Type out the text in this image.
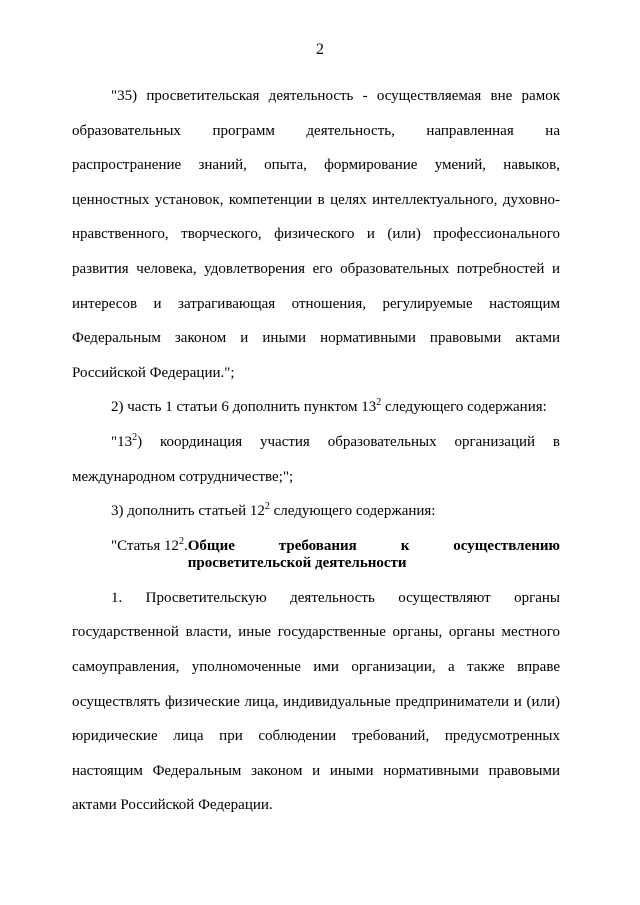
2

"35) просветительская деятельность - осуществляемая вне рамок образовательных программ деятельность, направленная на распространение знаний, опыта, формирование умений, навыков, ценностных установок, компетенции в целях интеллектуального, духовно-нравственного, творческого, физического и (или) профессионального развития человека, удовлетворения его образовательных потребностей и интересов и затрагивающая отношения, регулируемые настоящим Федеральным законом и иными нормативными правовыми актами Российской Федерации.";

2) часть 1 статьи 6 дополнить пунктом $13^2$ следующего содержания:

"$13^2$) координация участия образовательных организаций в международном сотрудничестве;";

3) дополнить статьей $12^2$ следующего содержания:

"Статья $12^2$. Общие требования к осуществлению
просветительской деятельности

1. Просветительскую деятельность осуществляют органы государственной власти, иные государственные органы, органы местного самоуправления, уполномоченные ими организации, а также вправе осуществлять физические лица, индивидуальные предприниматели и (или) юридические лица при соблюдении требований, предусмотренных настоящим Федеральным законом и иными нормативными правовыми актами Российской Федерации.
